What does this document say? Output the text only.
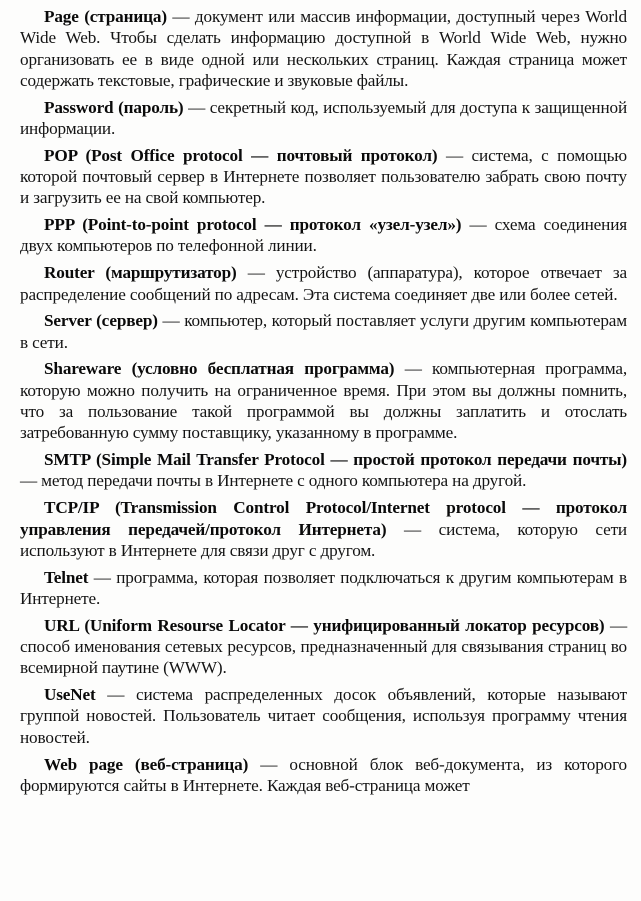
Page (страница) — документ или массив информации, доступный через World Wide Web. Чтобы сделать информацию доступной в World Wide Web, нужно организовать ее в виде одной или нескольких страниц. Каждая страница может содержать текстовые, графические и звуковые файлы.

Password (пароль) — секретный код, используемый для доступа к защищенной информации.

POP (Post Office protocol — почтовый протокол) — система, с помощью которой почтовый сервер в Интернете позволяет пользователю забрать свою почту и загрузить ее на свой компьютер.

PPP (Point-to-point protocol — протокол «узел-узел») — схема соединения двух компьютеров по телефонной линии.

Router (маршрутизатор) — устройство (аппаратура), которое отвечает за распределение сообщений по адресам. Эта система соединяет две или более сетей.

Server (сервер) — компьютер, который поставляет услуги другим компьютерам в сети.

Shareware (условно бесплатная программа) — компьютерная программа, которую можно получить на ограниченное время. При этом вы должны помнить, что за пользование такой программой вы должны заплатить и отослать затребованную сумму поставщику, указанному в программе.

SMTP (Simple Mail Transfer Protocol — простой протокол передачи почты) — метод передачи почты в Интернете с одного компьютера на другой.

TCP/IP (Transmission Control Protocol/Internet protocol — протокол управления передачей/протокол Интернета) — система, которую сети используют в Интернете для связи друг с другом.

Telnet — программа, которая позволяет подключаться к другим компьютерам в Интернете.

URL (Uniform Resourse Locator — унифицированный локатор ресурсов) — способ именования сетевых ресурсов, предназначенный для связывания страниц во всемирной паутине (WWW).

UseNet — система распределенных досок объявлений, которые называют группой новостей. Пользователь читает сообщения, используя программу чтения новостей.

Web page (веб-страница) — основной блок веб-документа, из которого формируются сайты в Интернете. Каждая веб-страница может
